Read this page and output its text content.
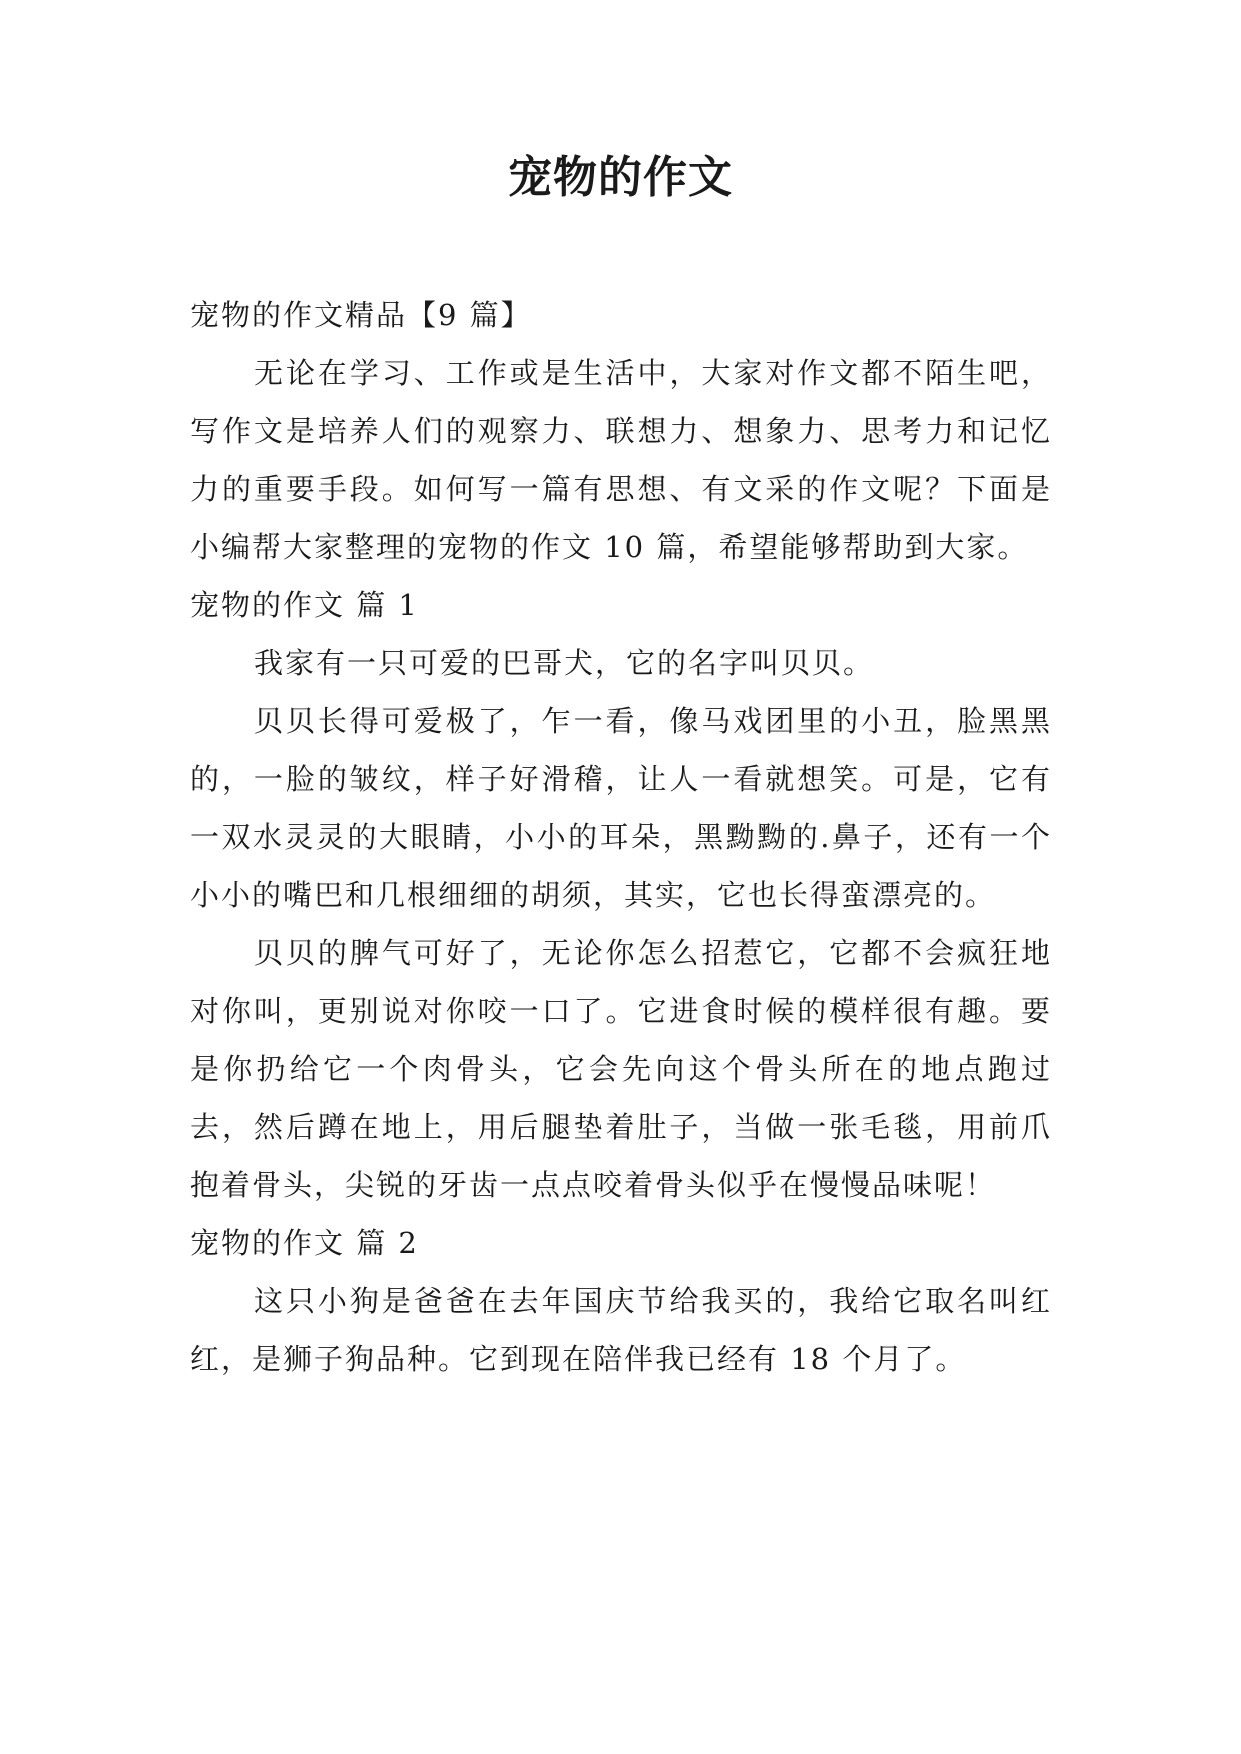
宠物的作文

宠物的作文精品【9 篇】

无论在学习、工作或是生活中，大家对作文都不陌生吧，写作文是培养人们的观察力、联想力、想象力、思考力和记忆力的重要手段。如何写一篇有思想、有文采的作文呢？下面是小编帮大家整理的宠物的作文 10 篇，希望能够帮助到大家。

宠物的作文 篇 1

我家有一只可爱的巴哥犬，它的名字叫贝贝。

贝贝长得可爱极了，乍一看，像马戏团里的小丑，脸黑黑的，一脸的皱纹，样子好滑稽，让人一看就想笑。可是，它有一双水灵灵的大眼睛，小小的耳朵，黑黝黝的.鼻子，还有一个小小的嘴巴和几根细细的胡须，其实，它也长得蛮漂亮的。

贝贝的脾气可好了，无论你怎么招惹它，它都不会疯狂地对你叫，更别说对你咬一口了。它进食时候的模样很有趣。要是你扔给它一个肉骨头，它会先向这个骨头所在的地点跑过去，然后蹲在地上，用后腿垫着肚子，当做一张毛毯，用前爪抱着骨头，尖锐的牙齿一点点咬着骨头似乎在慢慢品味呢！

宠物的作文 篇 2

这只小狗是爸爸在去年国庆节给我买的，我给它取名叫红红，是狮子狗品种。它到现在陪伴我已经有 18 个月了。
